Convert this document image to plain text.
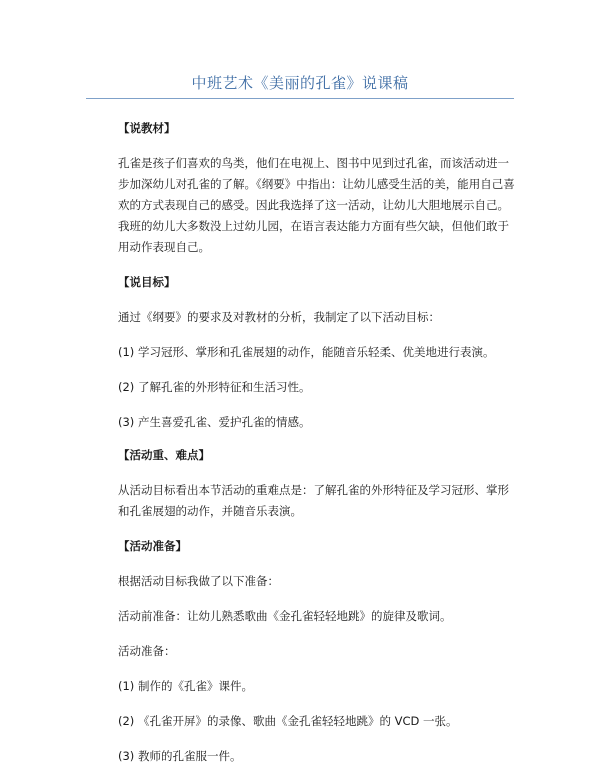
中班艺术《美丽的孔雀》说课稿

【说教材】

孔雀是孩子们喜欢的鸟类，他们在电视上、图书中见到过孔雀，而该活动进一步加深幼儿对孔雀的了解。《纲要》中指出：让幼儿感受生活的美，能用自己喜欢的方式表现自己的感受。因此我选择了这一活动，让幼儿大胆地展示自己。我班的幼儿大多数没上过幼儿园，在语言表达能力方面有些欠缺，但他们敢于用动作表现自己。

【说目标】

通过《纲要》的要求及对教材的分析，我制定了以下活动目标：

(1) 学习冠形、掌形和孔雀展翅的动作，能随音乐轻柔、优美地进行表演。

(2) 了解孔雀的外形特征和生活习性。

(3) 产生喜爱孔雀、爱护孔雀的情感。

【活动重、难点】

从活动目标看出本节活动的重难点是：了解孔雀的外形特征及学习冠形、掌形和孔雀展翅的动作，并随音乐表演。

【活动准备】

根据活动目标我做了以下准备：

活动前准备：让幼儿熟悉歌曲《金孔雀轻轻地跳》的旋律及歌词。

活动准备：

(1) 制作的《孔雀》课件。

(2) 《孔雀开屏》的录像、歌曲《金孔雀轻轻地跳》的 VCD 一张。

(3) 教师的孔雀服一件。
